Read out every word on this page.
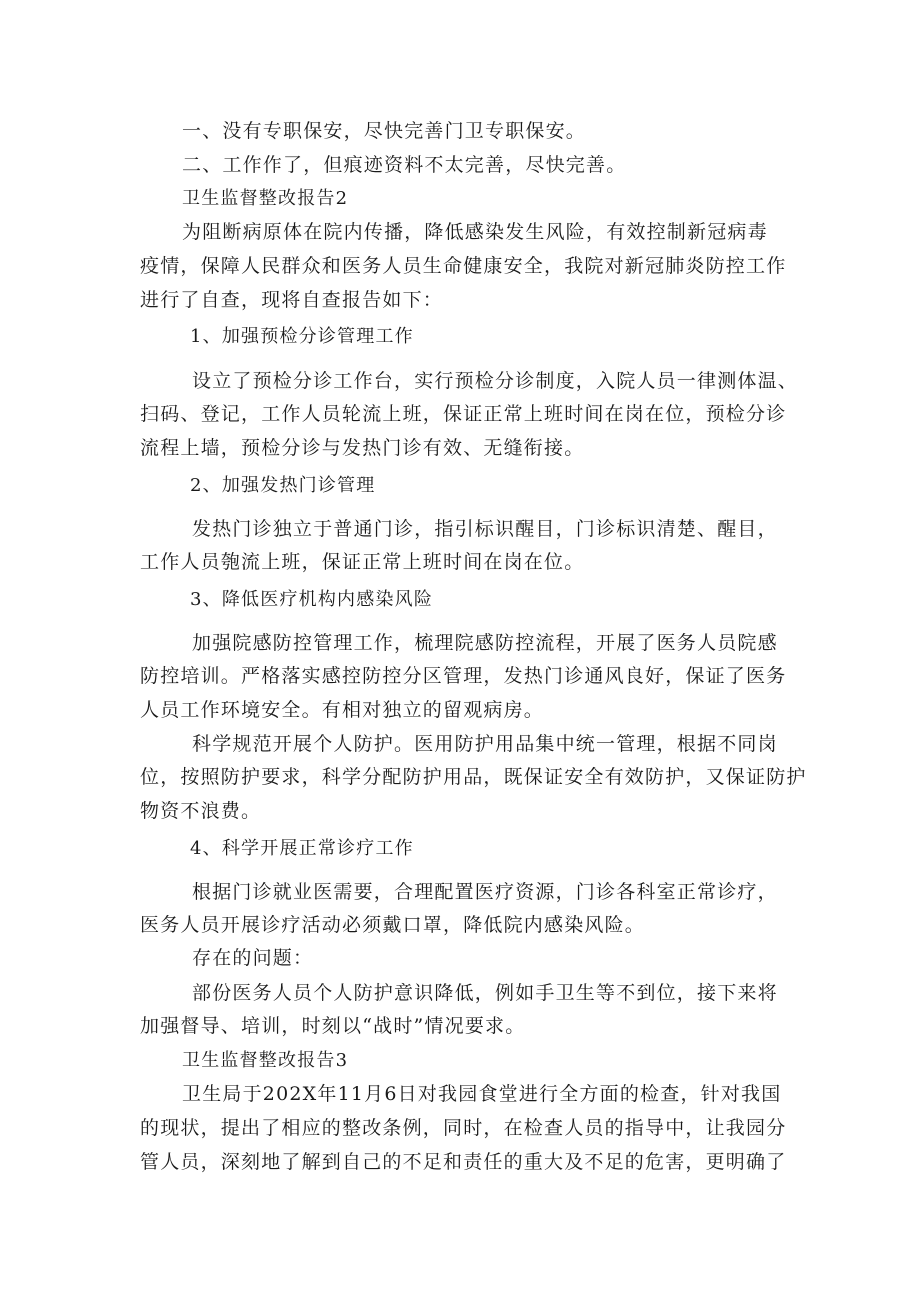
一、没有专职保安，尽快完善门卫专职保安。
二、工作作了，但痕迹资料不太完善，尽快完善。
卫生监督整改报告2
为阻断病原体在院内传播，降低感染发生风险，有效控制新冠病毒
疫情，保障人民群众和医务人员生命健康安全，我院对新冠肺炎防控工作
进行了自查，现将自查报告如下：
1、加强预检分诊管理工作
设立了预检分诊工作台，实行预检分诊制度，入院人员一律测体温、
扫码、登记，工作人员轮流上班，保证正常上班时间在岗在位，预检分诊
流程上墙，预检分诊与发热门诊有效、无缝衔接。
2、加强发热门诊管理
发热门诊独立于普通门诊，指引标识醒目，门诊标识清楚、醒目，
工作人员匏流上班，保证正常上班时间在岗在位。
3、降低医疗机构内感染风险
加强院感防控管理工作，梳理院感防控流程，开展了医务人员院感
防控培训。严格落实感控防控分区管理，发热门诊通风良好，保证了医务
人员工作环境安全。有相对独立的留观病房。
科学规范开展个人防护。医用防护用品集中统一管理，根据不同岗
位，按照防护要求，科学分配防护用品，既保证安全有效防护，又保证防护
物资不浪费。
4、科学开展正常诊疗工作
根据门诊就业医需要，合理配置医疗资源，门诊各科室正常诊疗，
医务人员开展诊疗活动必须戴口罩，降低院内感染风险。
存在的问题：
部份医务人员个人防护意识降低，例如手卫生等不到位，接下来将
加强督导、培训，时刻以“战时”情况要求。
卫生监督整改报告3
卫生局于202X年11月6日对我园食堂进行全方面的检查，针对我国
的现状，提出了相应的整改条例，同时，在检查人员的指导中，让我园分
管人员，深刻地了解到自己的不足和责任的重大及不足的危害，更明确了
